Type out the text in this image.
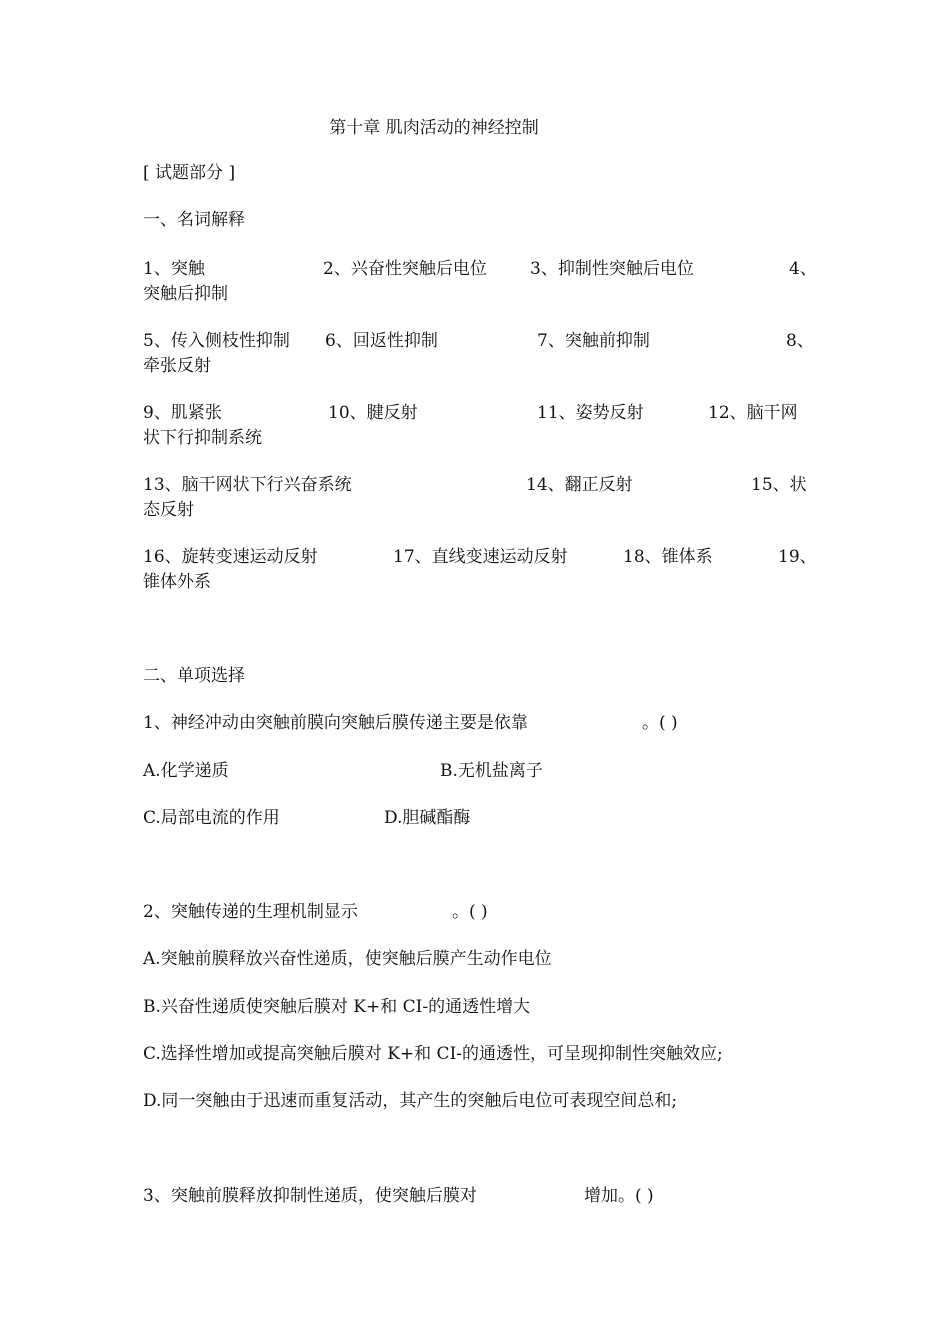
第十章 肌肉活动的神经控制
[ 试题部分 ]
一、名词解释
1、突触	2、兴奋性突触后电位	3、抑制性突触后电位	4、
突触后抑制
5、传入侧枝性抑制 6、回返性抑制	7、突触前抑制	8、
牵张反射
9、肌紧张	10、腱反射	11、姿势反射	12、脑干网
状下行抑制系统
13、脑干网状下行兴奋系统	14、翻正反射	15、状
态反射
16、旋转变速运动反射	17、直线变速运动反射	18、锥体系	19、
锥体外系
二、单项选择
1、神经冲动由突触前膜向突触后膜传递主要是依靠	。( )
A.化学递质	B.无机盐离子
C.局部电流的作用	D.胆碱酯酶
2、突触传递的生理机制显示	。( )
A.突触前膜释放兴奋性递质，使突触后膜产生动作电位
B.兴奋性递质使突触后膜对 K+和 CI-的通透性增大
C.选择性增加或提高突触后膜对 K+和 CI-的通透性，可呈现抑制性突触效应;
D.同一突触由于迅速而重复活动，其产生的突触后电位可表现空间总和;
3、突触前膜释放抑制性递质，使突触后膜对	增加。( )
